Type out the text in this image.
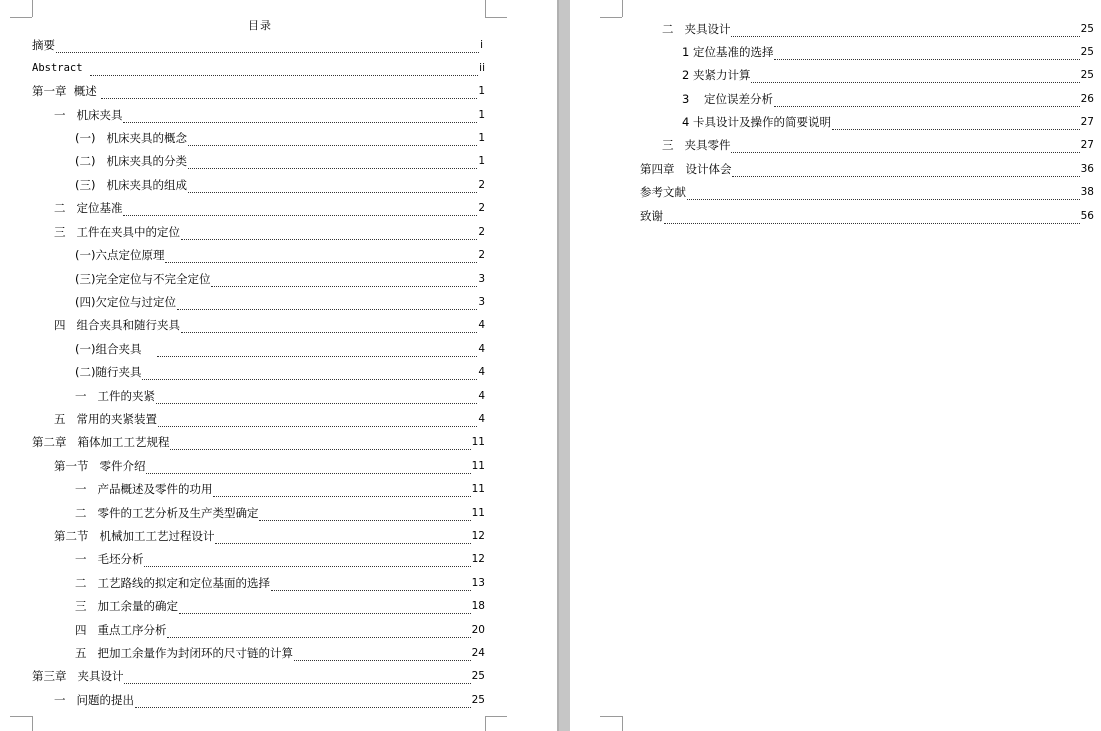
目录
摘要	i
Abstract	ii
第一章  概述	1
一   机床夹具	1
(一)   机床夹具的概念	1
(二)   机床夹具的分类	1
(三)   机床夹具的组成	2
二   定位基准	2
三   工件在夹具中的定位	2
(一)六点定位原理	2
(三)完全定位与不完全定位	3
(四)欠定位与过定位	3
四   组合夹具和随行夹具	4
(一)组合夹具	4
(二)随行夹具	4
一   工件的夹紧	4
五   常用的夹紧装置	4
第二章   箱体加工工艺规程	11
第一节   零件介绍	11
一   产品概述及零件的功用	11
二   零件的工艺分析及生产类型确定	11
第二节   机械加工工艺过程设计	12
一   毛坯分析	12
二   工艺路线的拟定和定位基面的选择	13
三   加工余量的确定	18
四   重点工序分析	20
五   把加工余量作为封闭环的尺寸链的计算	24
第三章   夹具设计	25
一   问题的提出	25
二   夹具设计	25
1 定位基准的选择	25
2 夹紧力计算	25
3    定位误差分析	26
4 卡具设计及操作的简要说明	27
三   夹具零件	27
第四章   设计体会	36
参考文献	38
致谢	56
